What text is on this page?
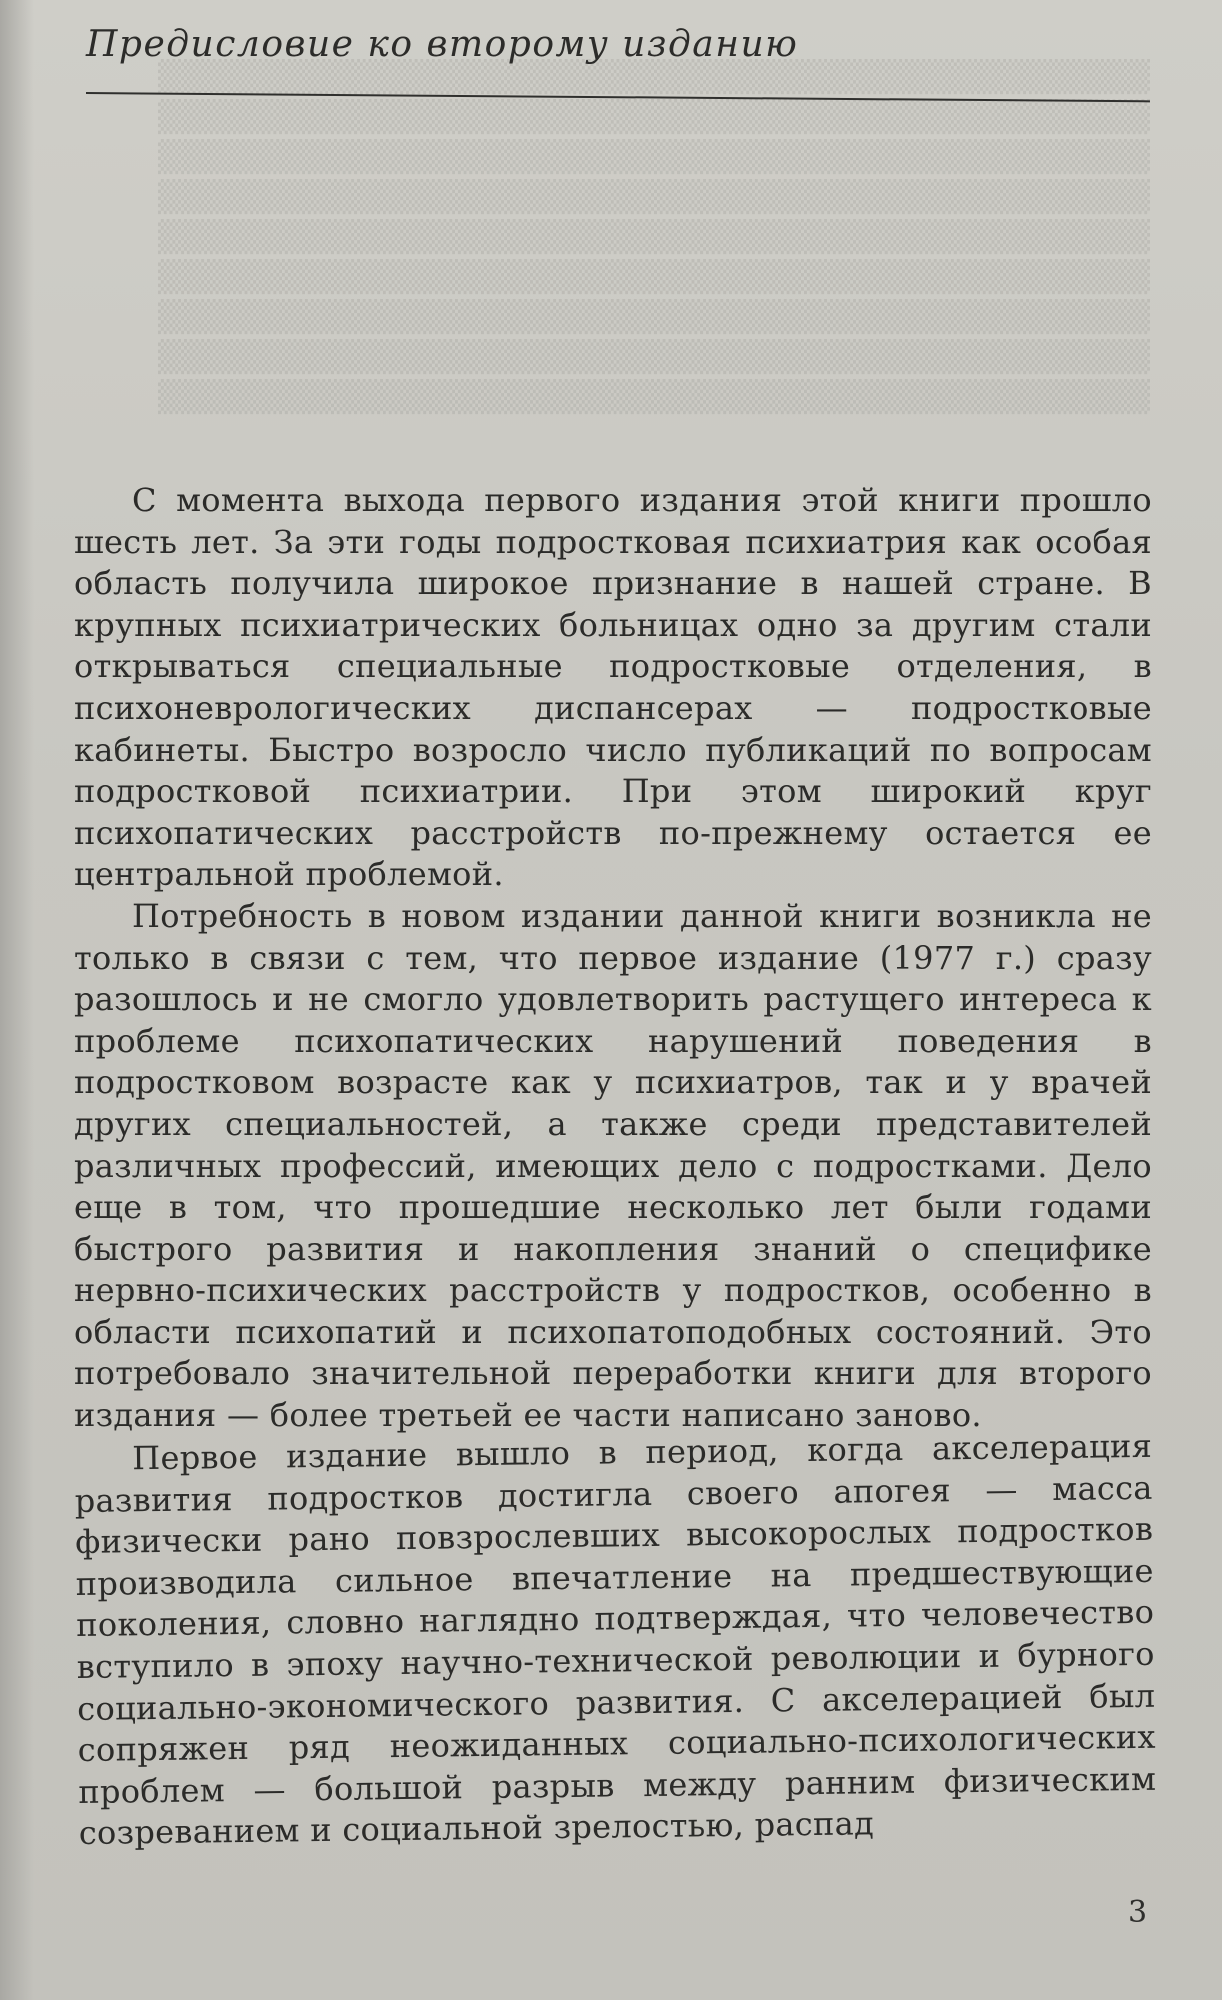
▒▒▒▒▒▒▒▒▒▒▒▒▒▒▒▒▒▒▒▒▒▒▒▒▒▒▒▒▒▒▒▒▒▒▒▒▒▒▒▒▒▒▒
▒▒▒▒▒▒▒▒▒▒▒▒▒▒▒▒▒▒▒▒▒▒▒▒▒▒▒▒▒▒▒▒▒▒▒▒▒▒▒▒▒▒▒
▒▒▒▒▒▒▒▒▒▒▒▒▒▒▒▒▒▒▒▒▒▒▒▒▒▒▒▒▒▒▒▒▒▒▒▒▒▒▒▒▒▒▒
▒▒▒▒▒▒▒▒▒▒▒▒▒▒▒▒▒▒▒▒▒▒▒▒▒▒▒▒▒▒▒▒▒▒▒▒▒▒▒▒▒▒▒
▒▒▒▒▒▒▒▒▒▒▒▒▒▒▒▒▒▒▒▒▒▒▒▒▒▒▒▒▒▒▒▒▒▒▒▒▒▒▒▒▒▒▒
▒▒▒▒▒▒▒▒▒▒▒▒▒▒▒▒▒▒▒▒▒▒▒▒▒▒▒▒▒▒▒▒▒▒▒▒▒▒▒▒▒▒▒
▒▒▒▒▒▒▒▒▒▒▒▒▒▒▒▒▒▒▒▒▒▒▒▒▒▒▒▒▒▒▒▒▒▒▒▒▒▒▒▒▒▒▒
▒▒▒▒▒▒▒▒▒▒▒▒▒▒▒▒▒▒▒▒▒▒▒▒▒▒▒▒▒▒▒▒▒▒▒▒▒▒▒▒▒▒▒
▒▒▒▒▒▒▒▒▒▒▒▒▒▒▒▒▒▒▒▒▒▒▒▒▒▒▒▒▒▒▒▒▒▒▒▒▒▒▒▒▒▒▒
Предисловие ко второму изданию

С момента выхода первого издания этой книги прошло шесть лет. За эти годы подростковая психиатрия как особая область получила широкое признание в нашей стране. В крупных психиатрических больницах одно за другим стали открываться специальные подростковые отделения, в психоневрологических диспансерах — подростковые кабинеты. Быстро возросло число публикаций по вопросам подростковой психиатрии. При этом широкий круг психопатических расстройств по-прежнему остается ее центральной проблемой.

Потребность в новом издании данной книги возникла не только в связи с тем, что первое издание (1977 г.) сразу разошлось и не смогло удовлетворить растущего интереса к проблеме психопатических нарушений поведения в подростковом возрасте как у психиатров, так и у врачей других специальностей, а также среди представителей различных профессий, имеющих дело с подростками. Дело еще в том, что прошедшие несколько лет были годами быстрого развития и накопления знаний о специфике нервно-психических расстройств у подростков, особенно в области психопатий и психопатоподобных состояний. Это потребовало значительной переработки книги для второго издания — более третьей ее части написано заново.

Первое издание вышло в период, когда акселерация развития подростков достигла своего апогея — масса физически рано повзрослевших высокорослых подростков производила сильное впечатление на предшествующие поколения, словно наглядно подтверждая, что человечество вступило в эпоху научно-технической революции и бурного социально-экономического развития. С акселерацией был сопряжен ряд неожиданных социально-психологических проблем — большой разрыв между ранним физическим созреванием и социальной зрелостью, распад

3
